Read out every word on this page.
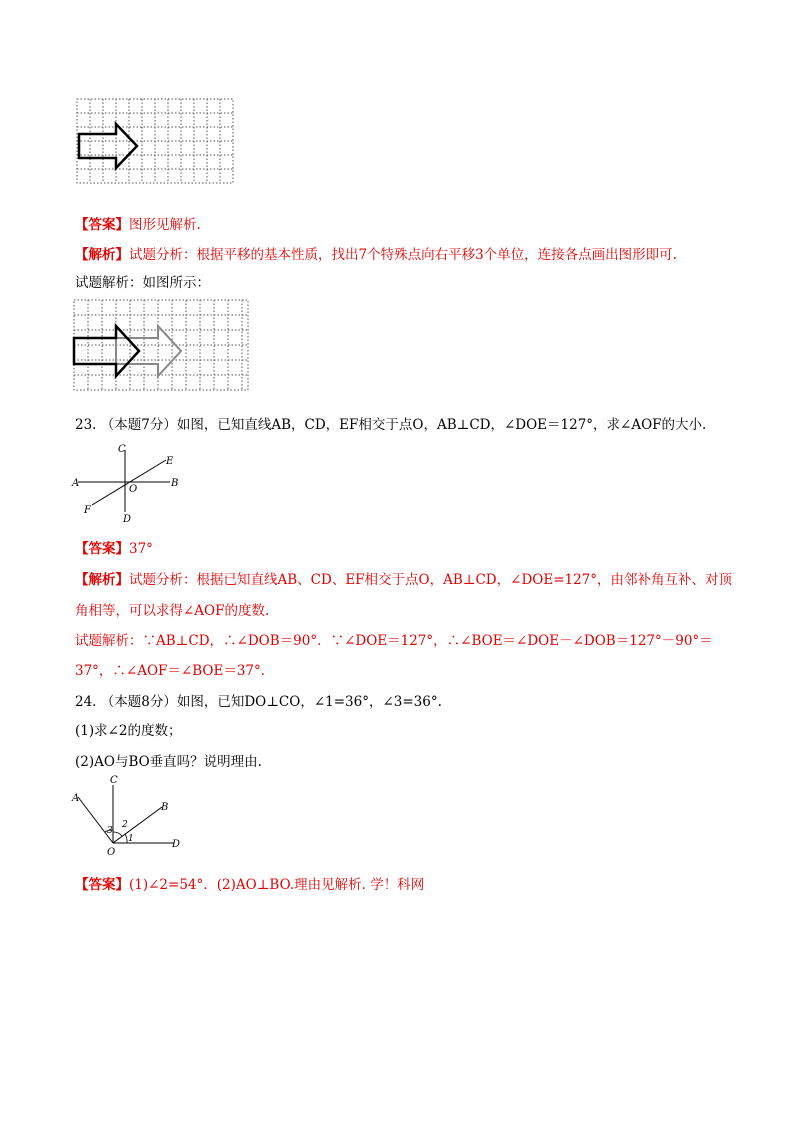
【答案】图形见解析.
【解析】试题分析：根据平移的基本性质，找出7个特殊点向右平移3个单位，连接各点画出图形即可.
试题解析：如图所示：
23. （本题7分）如图，已知直线AB，CD，EF相交于点O，AB⊥CD，∠DOE＝127°，求∠AOF的大小.
C
E
A	B
O
F
D
【答案】37°
【解析】试题分析：根据已知直线AB、CD、EF相交于点O，AB⊥CD，∠DOE=127°，由邻补角互补、对顶
角相等，可以求得∠AOF的度数.
试题解析：∵AB⊥CD，∴∠DOB＝90°．∵∠DOE＝127°，∴∠BOE＝∠DOE－∠DOB＝127°－90°＝
37°，∴∠AOF＝∠BOE＝37°．
24. （本题8分）如图，已知DO⊥CO，∠1=36°，∠3=36°.
(1)求∠2的度数；
(2)AO与BO垂直吗？说明理由.
C
A
B
D
O
3
2
1
【答案】(1)∠2=54°．(2)AO⊥BO.理由见解析. 学！科网
